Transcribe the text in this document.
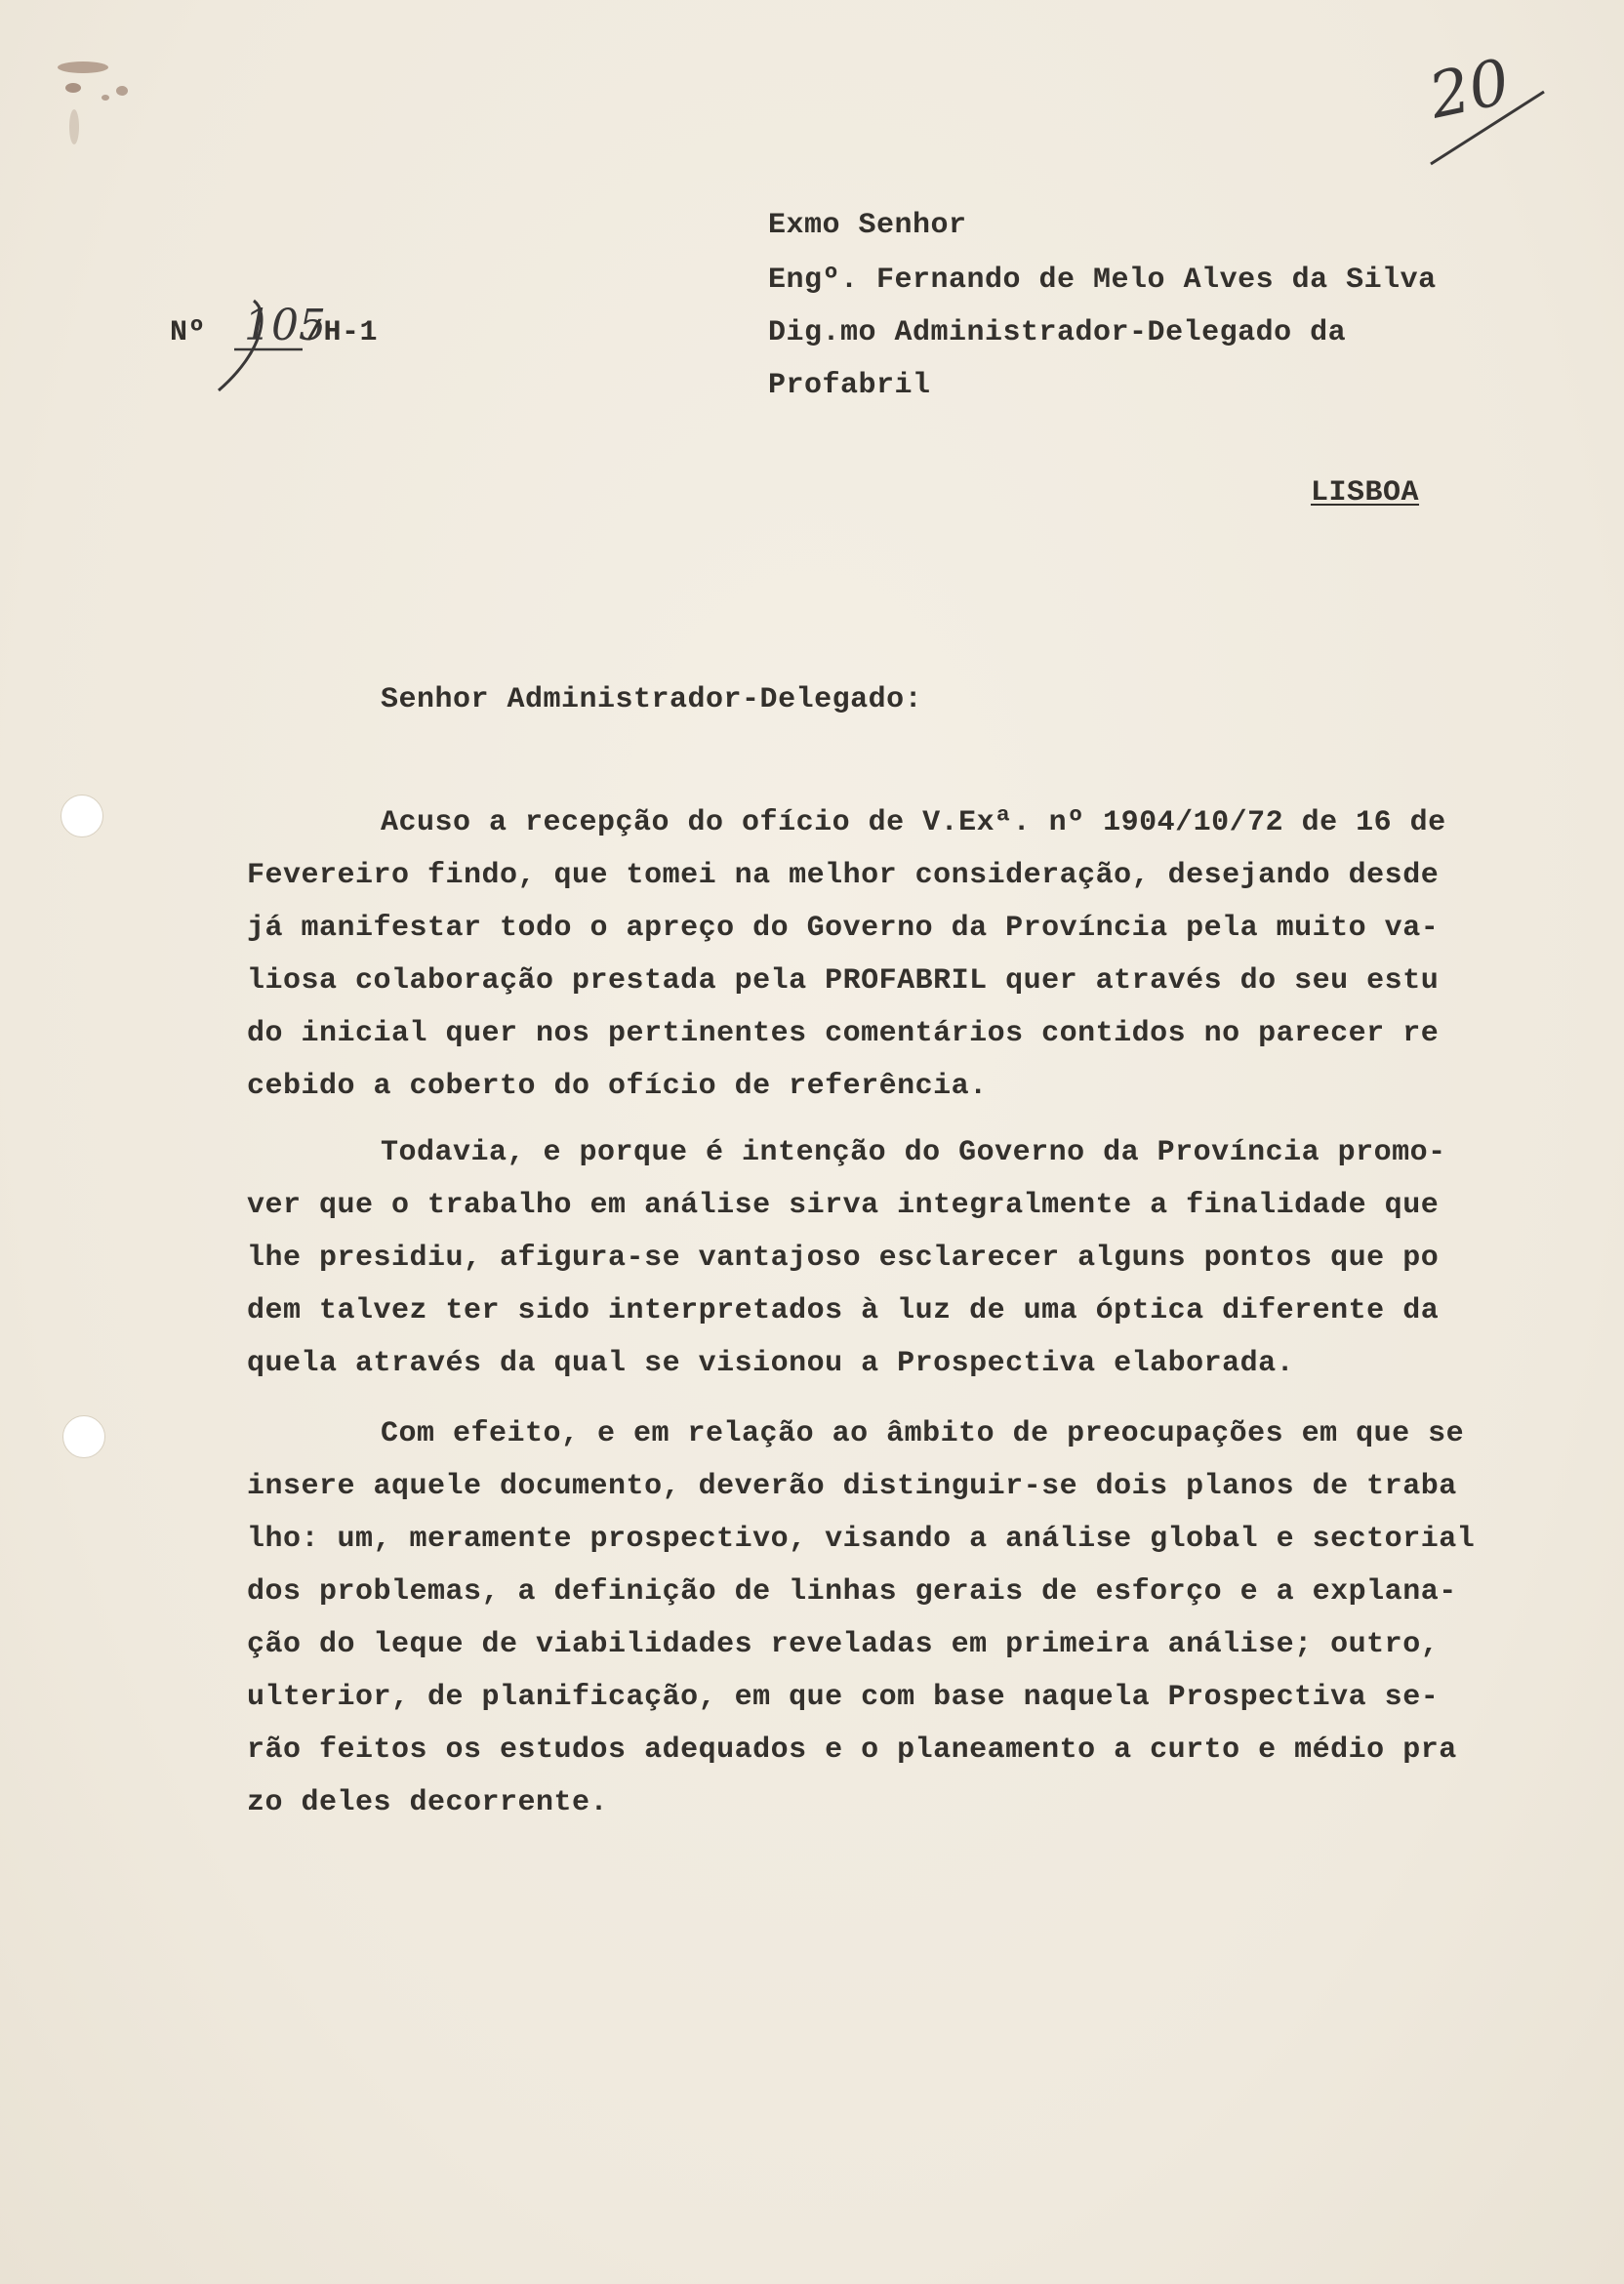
20
Nº 105
/H-1
Exmo Senhor
Engº. Fernando de Melo Alves da Silva
Dig.mo Administrador-Delegado da
Profabril
LISBOA
Senhor Administrador-Delegado:
Acuso a recepção do ofício de V.Exª. nº 1904/10/72 de 16 de
Fevereiro findo, que tomei na melhor consideração, desejando desde
já manifestar todo o apreço do Governo da Província pela muito va-
liosa colaboração prestada pela PROFABRIL quer através do seu estu
do inicial quer nos pertinentes comentários contidos no parecer re
cebido a coberto do ofício de referência.
Todavia, e porque é intenção do Governo da Província promo-
ver que o trabalho em análise sirva integralmente a finalidade que
lhe presidiu, afigura-se vantajoso esclarecer alguns pontos que po
dem talvez ter sido interpretados à luz de uma óptica diferente da
quela através da qual se visionou a Prospectiva elaborada.
Com efeito, e em relação ao âmbito de preocupações em que se
insere aquele documento, deverão distinguir-se dois planos de traba
lho: um, meramente prospectivo, visando a análise global e sectorial
dos problemas, a definição de linhas gerais de esforço e a explana-
ção do leque de viabilidades reveladas em primeira análise; outro,
ulterior, de planificação, em que com base naquela Prospectiva se-
rão feitos os estudos adequados e o planeamento a curto e médio pra
zo deles decorrente.
